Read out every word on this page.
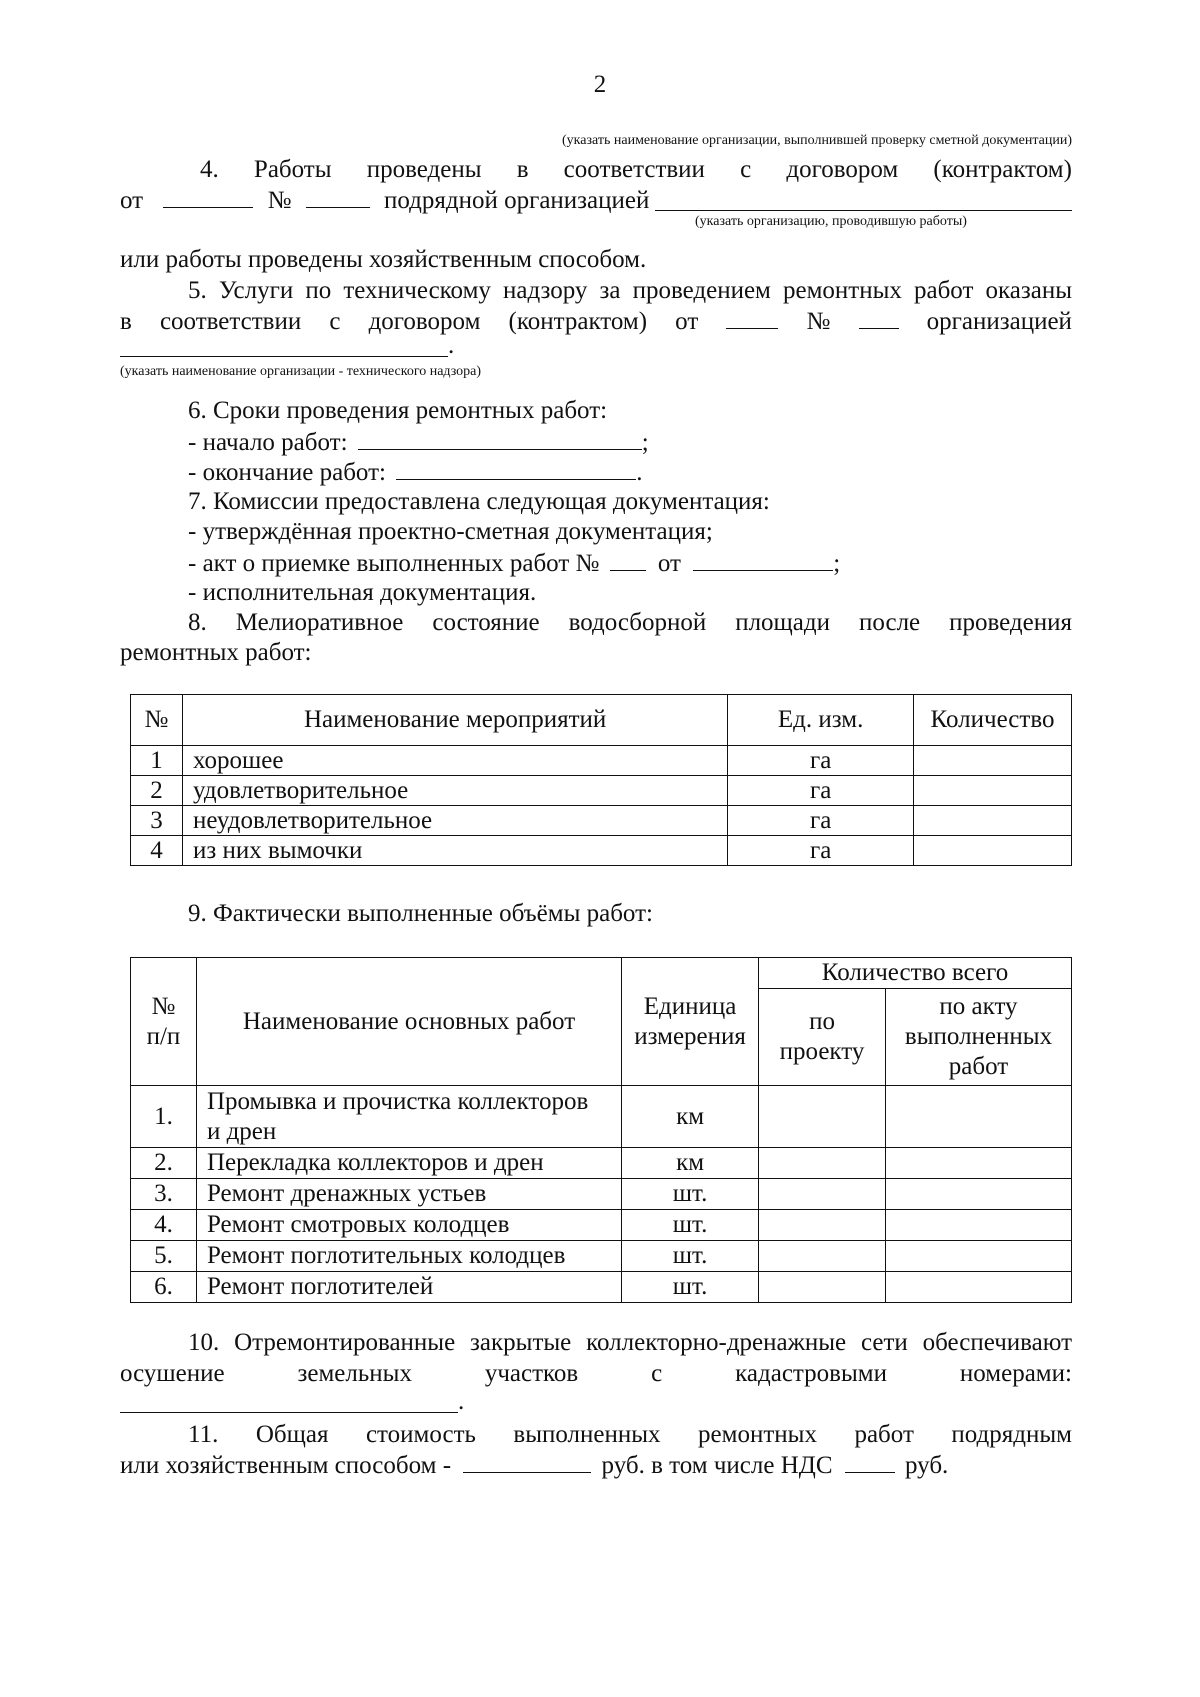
2
(указать наименование организации, выполнившей проверку сметной документации)
4. Работы проведены в соответствии с договором (контрактом)
от	№	подрядной организацией
(указать организацию, проводившую работы)
или работы проведены хозяйственным способом.
5. Услуги по техническому надзору за проведением ремонтных работ оказаны
в соответствии с договором (контрактом) от	№	организацией
.
(указать наименование организации - технического надзора)
6. Сроки проведения ремонтных работ:
- начало работ:	;
- окончание работ:	.
7. Комиссии предоставлена следующая документация:
- утверждённая проектно-сметная документация;
- акт о приемке выполненных работ № от	;
- исполнительная документация.
8. Мелиоративное состояние водосборной площади после проведения
ремонтных работ:
№	Наименование мероприятий	Ед. изм.	Количество
1	хорошее	га	
2	удовлетворительное	га	
3	неудовлетворительное	га	
4	из них вымочки	га	
9. Фактически выполненные объёмы работ:
№ п/п	Наименование основных работ	Единица измерения	Количество всего	
			по проекту	по акту выполненных работ
1.	Промывка и прочистка коллекторов и дрен	км		
2.	Перекладка коллекторов и дрен	км		
3.	Ремонт дренажных устьев	шт.		
4.	Ремонт смотровых колодцев	шт.		
5.	Ремонт поглотительных колодцев	шт.		
6.	Ремонт поглотителей	шт.		
10. Отремонтированные закрытые коллекторно-дренажные сети обеспечивают
осушение	земельных	участков	с	кадастровыми	номерами:
.
11. Общая стоимость выполненных ремонтных работ подрядным
или хозяйственным способом -	руб. в том числе НДС	руб.
